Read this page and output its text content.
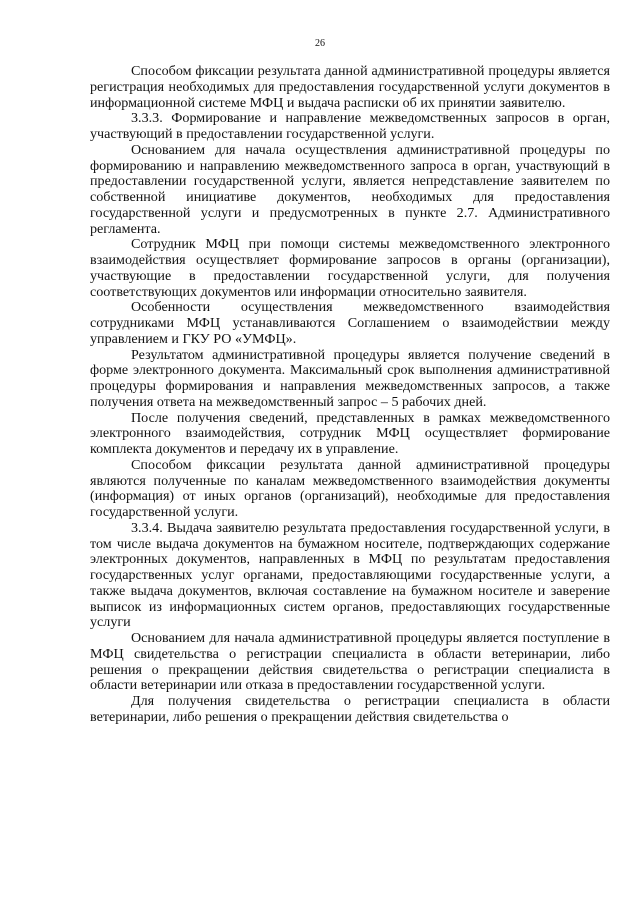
26

Способом фиксации результата данной административной процедуры является регистрация необходимых для предоставления государственной услуги документов в информационной системе МФЦ и выдача расписки об их принятии заявителю.

3.3.3. Формирование и направление межведомственных запросов в орган, участвующий в предоставлении государственной услуги.

Основанием для начала осуществления административной процедуры по формированию и направлению межведомственного запроса в орган, участвующий в предоставлении государственной услуги, является непредставление заявителем по собственной инициативе документов, необходимых для предоставления государственной услуги и предусмотренных в пункте 2.7. Административного регламента.

Сотрудник МФЦ при помощи системы межведомственного электронного взаимодействия осуществляет формирование запросов в органы (организации), участвующие в предоставлении государственной услуги, для получения соответствующих документов или информации относительно заявителя.

Особенности осуществления межведомственного взаимодействия сотрудниками МФЦ устанавливаются Соглашением о взаимодействии между управлением и ГКУ РО «УМФЦ».

Результатом административной процедуры является получение сведений в форме электронного документа. Максимальный срок выполнения административной процедуры формирования и направления межведомственных запросов, а также получения ответа на межведомственный запрос – 5 рабочих дней.

После получения сведений, представленных в рамках межведомственного электронного взаимодействия, сотрудник МФЦ осуществляет формирование комплекта документов и передачу их в управление.

Способом фиксации результата данной административной процедуры являются полученные по каналам межведомственного взаимодействия документы (информация) от иных органов (организаций), необходимые для предоставления государственной услуги.

3.3.4. Выдача заявителю результата предоставления государственной услуги, в том числе выдача документов на бумажном носителе, подтверждающих содержание электронных документов, направленных в МФЦ по результатам предоставления государственных услуг органами, предоставляющими государственные услуги, а также выдача документов, включая составление на бумажном носителе и заверение выписок из информационных систем органов, предоставляющих государственные услуги

Основанием для начала административной процедуры является поступление в МФЦ свидетельства о регистрации специалиста в области ветеринарии, либо решения о прекращении действия свидетельства о регистрации специалиста в области ветеринарии или отказа в предоставлении государственной услуги.

Для получения свидетельства о регистрации специалиста в области ветеринарии, либо решения о прекращении действия свидетельства о
